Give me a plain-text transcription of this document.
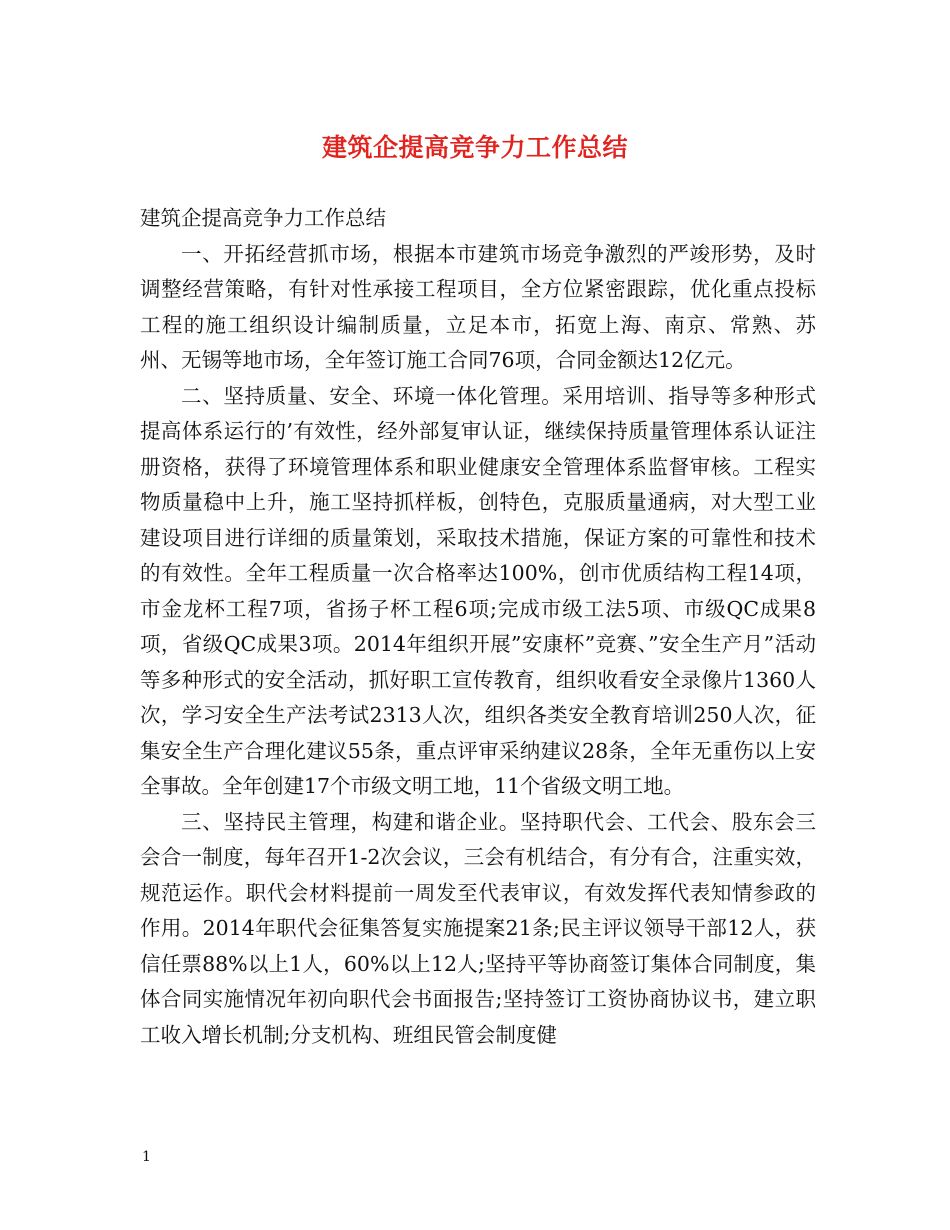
建筑企提高竞争力工作总结

建筑企提高竞争力工作总结

一、开拓经营抓市场，根据本市建筑市场竞争激烈的严竣形势，及时调整经营策略，有针对性承接工程项目，全方位紧密跟踪，优化重点投标工程的施工组织设计编制质量，立足本市，拓宽上海、南京、常熟、苏州、无锡等地市场，全年签订施工合同76项，合同金额达12亿元。

二、坚持质量、安全、环境一体化管理。采用培训、指导等多种形式提高体系运行的’有效性，经外部复审认证，继续保持质量管理体系认证注册资格，获得了环境管理体系和职业健康安全管理体系监督审核。工程实物质量稳中上升，施工坚持抓样板，创特色，克服质量通病，对大型工业建设项目进行详细的质量策划，采取技术措施，保证方案的可靠性和技术的有效性。全年工程质量一次合格率达100%，创市优质结构工程14项，市金龙杯工程7项，省扬子杯工程6项;完成市级工法5项、市级QC成果8项，省级QC成果3项。2014年组织开展”安康杯”竞赛、”安全生产月”活动等多种形式的安全活动，抓好职工宣传教育，组织收看安全录像片1360人次，学习安全生产法考试2313人次，组织各类安全教育培训250人次，征集安全生产合理化建议55条，重点评审采纳建议28条，全年无重伤以上安全事故。全年创建17个市级文明工地，11个省级文明工地。

三、坚持民主管理，构建和谐企业。坚持职代会、工代会、股东会三会合一制度，每年召开1-2次会议，三会有机结合，有分有合，注重实效，规范运作。职代会材料提前一周发至代表审议，有效发挥代表知情参政的作用。2014年职代会征集答复实施提案21条;民主评议领导干部12人，获信任票88%以上1人，60%以上12人;坚持平等协商签订集体合同制度，集体合同实施情况年初向职代会书面报告;坚持签订工资协商协议书，建立职工收入增长机制;分支机构、班组民管会制度健

1
